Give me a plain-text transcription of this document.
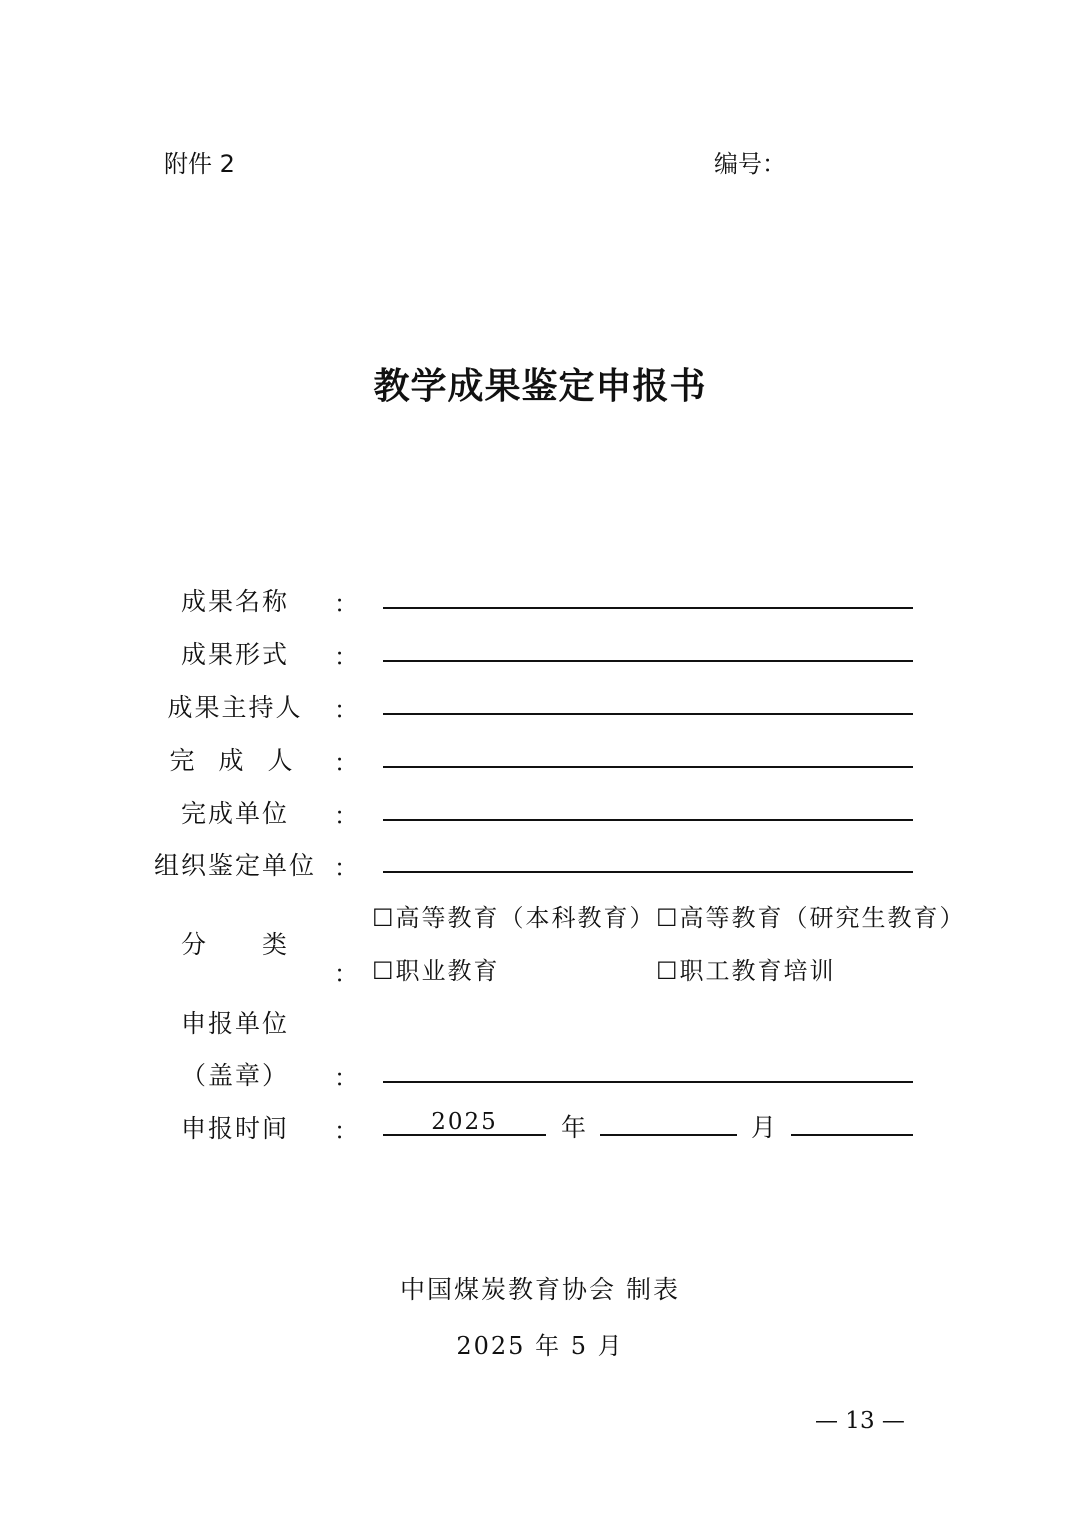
附件 2	编号：
教学成果鉴定申报书
成果名称	：
成果形式	：
成果主持人	：
完 成 人	：
完成单位	：
组织鉴定单位 ：
分　　类
：
☐高等教育（本科教育） ☐高等教育（研究生教育）
☐职业教育	☐职工教育培训
申报单位
（盖章）	：
申报时间	：	2025	年	月
中国煤炭教育协会 制表
2025 年 5 月
— 13 —
